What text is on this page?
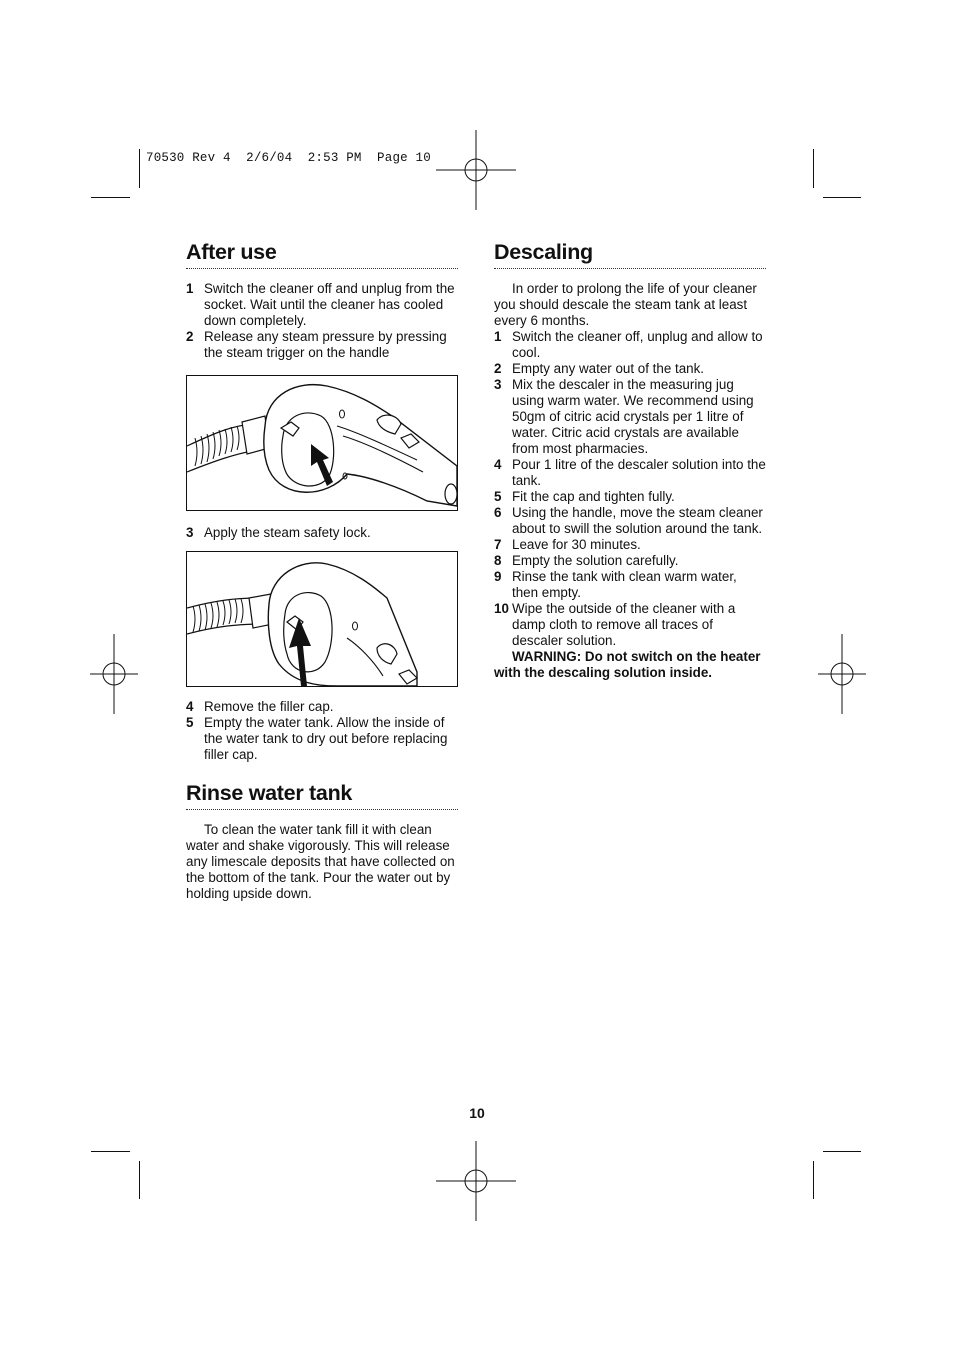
70530 Rev 4  2/6/04  2:53 PM  Page 10
After use
1 Switch the cleaner off and unplug from the socket. Wait until the cleaner has cooled down completely.
2 Release any steam pressure by pressing the steam trigger on the handle
3 Apply the steam safety lock.
4 Remove the filler cap.
5 Empty the water tank. Allow the inside of the water tank to dry out before replacing filler cap.
Rinse water tank

To clean the water tank fill it with clean water and shake vigorously. This will release any limescale deposits that have collected on the bottom of the tank. Pour the water out by holding upside down.

Descaling

In order to prolong the life of your cleaner you should descale the steam tank at least every 6 months.

1 Switch the cleaner off, unplug and allow to cool.
2 Empty any water out of the tank.
3 Mix the descaler in the measuring jug using warm water. We recommend using 50gm of citric acid crystals per 1 litre of water. Citric acid crystals are available from most pharmacies.
4 Pour 1 litre of the descaler solution into the tank.
5 Fit the cap and tighten fully.
6 Using the handle, move the steam cleaner about to swill the solution around the tank.
7 Leave for 30 minutes.
8 Empty the solution carefully.
9 Rinse the tank with clean warm water, then empty.
10 Wipe the outside of the cleaner with a damp cloth to remove all traces of descaler solution.

WARNING: Do not switch on the heater with the descaling solution inside.

10
